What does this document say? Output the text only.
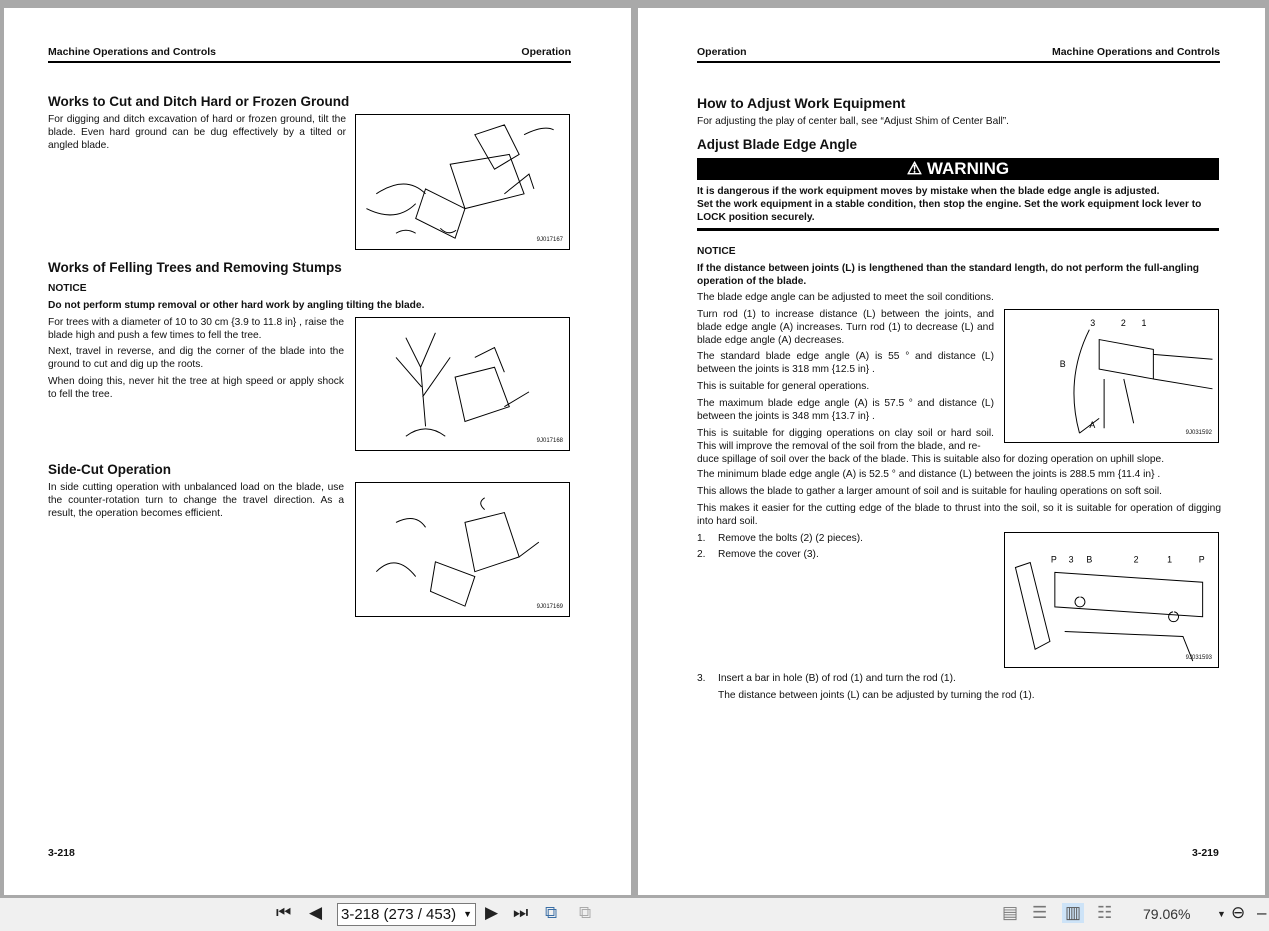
Machine Operations and Controls	Operation
Works to Cut and Ditch Hard or Frozen Ground
For digging and ditch excavation of hard or frozen ground, tilt the blade. Even hard ground can be dug effectively by a tilted or angled blade.
9J017167
Works of Felling Trees and Removing Stumps
NOTICE
Do not perform stump removal or other hard work by angling tilting the blade.
For trees with a diameter of 10 to 30 cm {3.9 to 11.8 in} , raise the blade high and push a few times to fell the tree.
Next, travel in reverse, and dig the corner of the blade into the ground to cut and dig up the roots.
When doing this, never hit the tree at high speed or apply shock to fell the tree.
9J017168
Side-Cut Operation
In side cutting operation with unbalanced load on the blade, use the counter-rotation turn to change the travel direction. As a result, the operation becomes efficient.
9J017169
3-218
Operation	Machine Operations and Controls
How to Adjust Work Equipment
For adjusting the play of center ball, see “Adjust Shim of Center Ball”.
Adjust Blade Edge Angle
⚠ WARNING
It is dangerous if the work equipment moves by mistake when the blade edge angle is adjusted.
Set the work equipment in a stable condition, then stop the engine. Set the work equipment lock lever to LOCK position securely.
NOTICE
If the distance between joints (L) is lengthened than the standard length, do not perform the full-angling operation of the blade.
The blade edge angle can be adjusted to meet the soil conditions.
Turn rod (1) to increase distance (L) between the joints, and blade edge angle (A) increases. Turn rod (1) to decrease (L) and blade edge angle (A) decreases.
The standard blade edge angle (A) is 55 ° and distance (L) between the joints is 318 mm {12.5 in} .
This is suitable for general operations.
The maximum blade edge angle (A) is 57.5 ° and distance (L) between the joints is 348 mm {13.7 in} .
This is suitable for digging operations on clay soil or hard soil. This will improve the removal of the soil from the blade, and re-
duce spillage of soil over the back of the blade. This is suitable also for dozing operation on uphill slope.
The minimum blade edge angle (A) is 52.5 ° and distance (L) between the joints is 288.5 mm {11.4 in} .
This allows the blade to gather a larger amount of soil and is suitable for hauling operations on soft soil.
This makes it easier for the cutting edge of the blade to thrust into the soil, so it is suitable for operation of digging into hard soil.
3	2 1
B
A
9J031592
1. Remove the bolts (2) (2 pieces).
2. Remove the cover (3).	P 3 B	2	1	P
9J031593
3. Insert a bar in hole (B) of rod (1) and turn the rod (1).
The distance between joints (L) can be adjusted by turning the rod (1).
3-219
⏮ ◀ 3-218 (273 / 453) ▼ ▶ ⏭ ⧉ ⧉	▤ ☰ ▥ ☷ 79.06%	▼ ⊖ –
